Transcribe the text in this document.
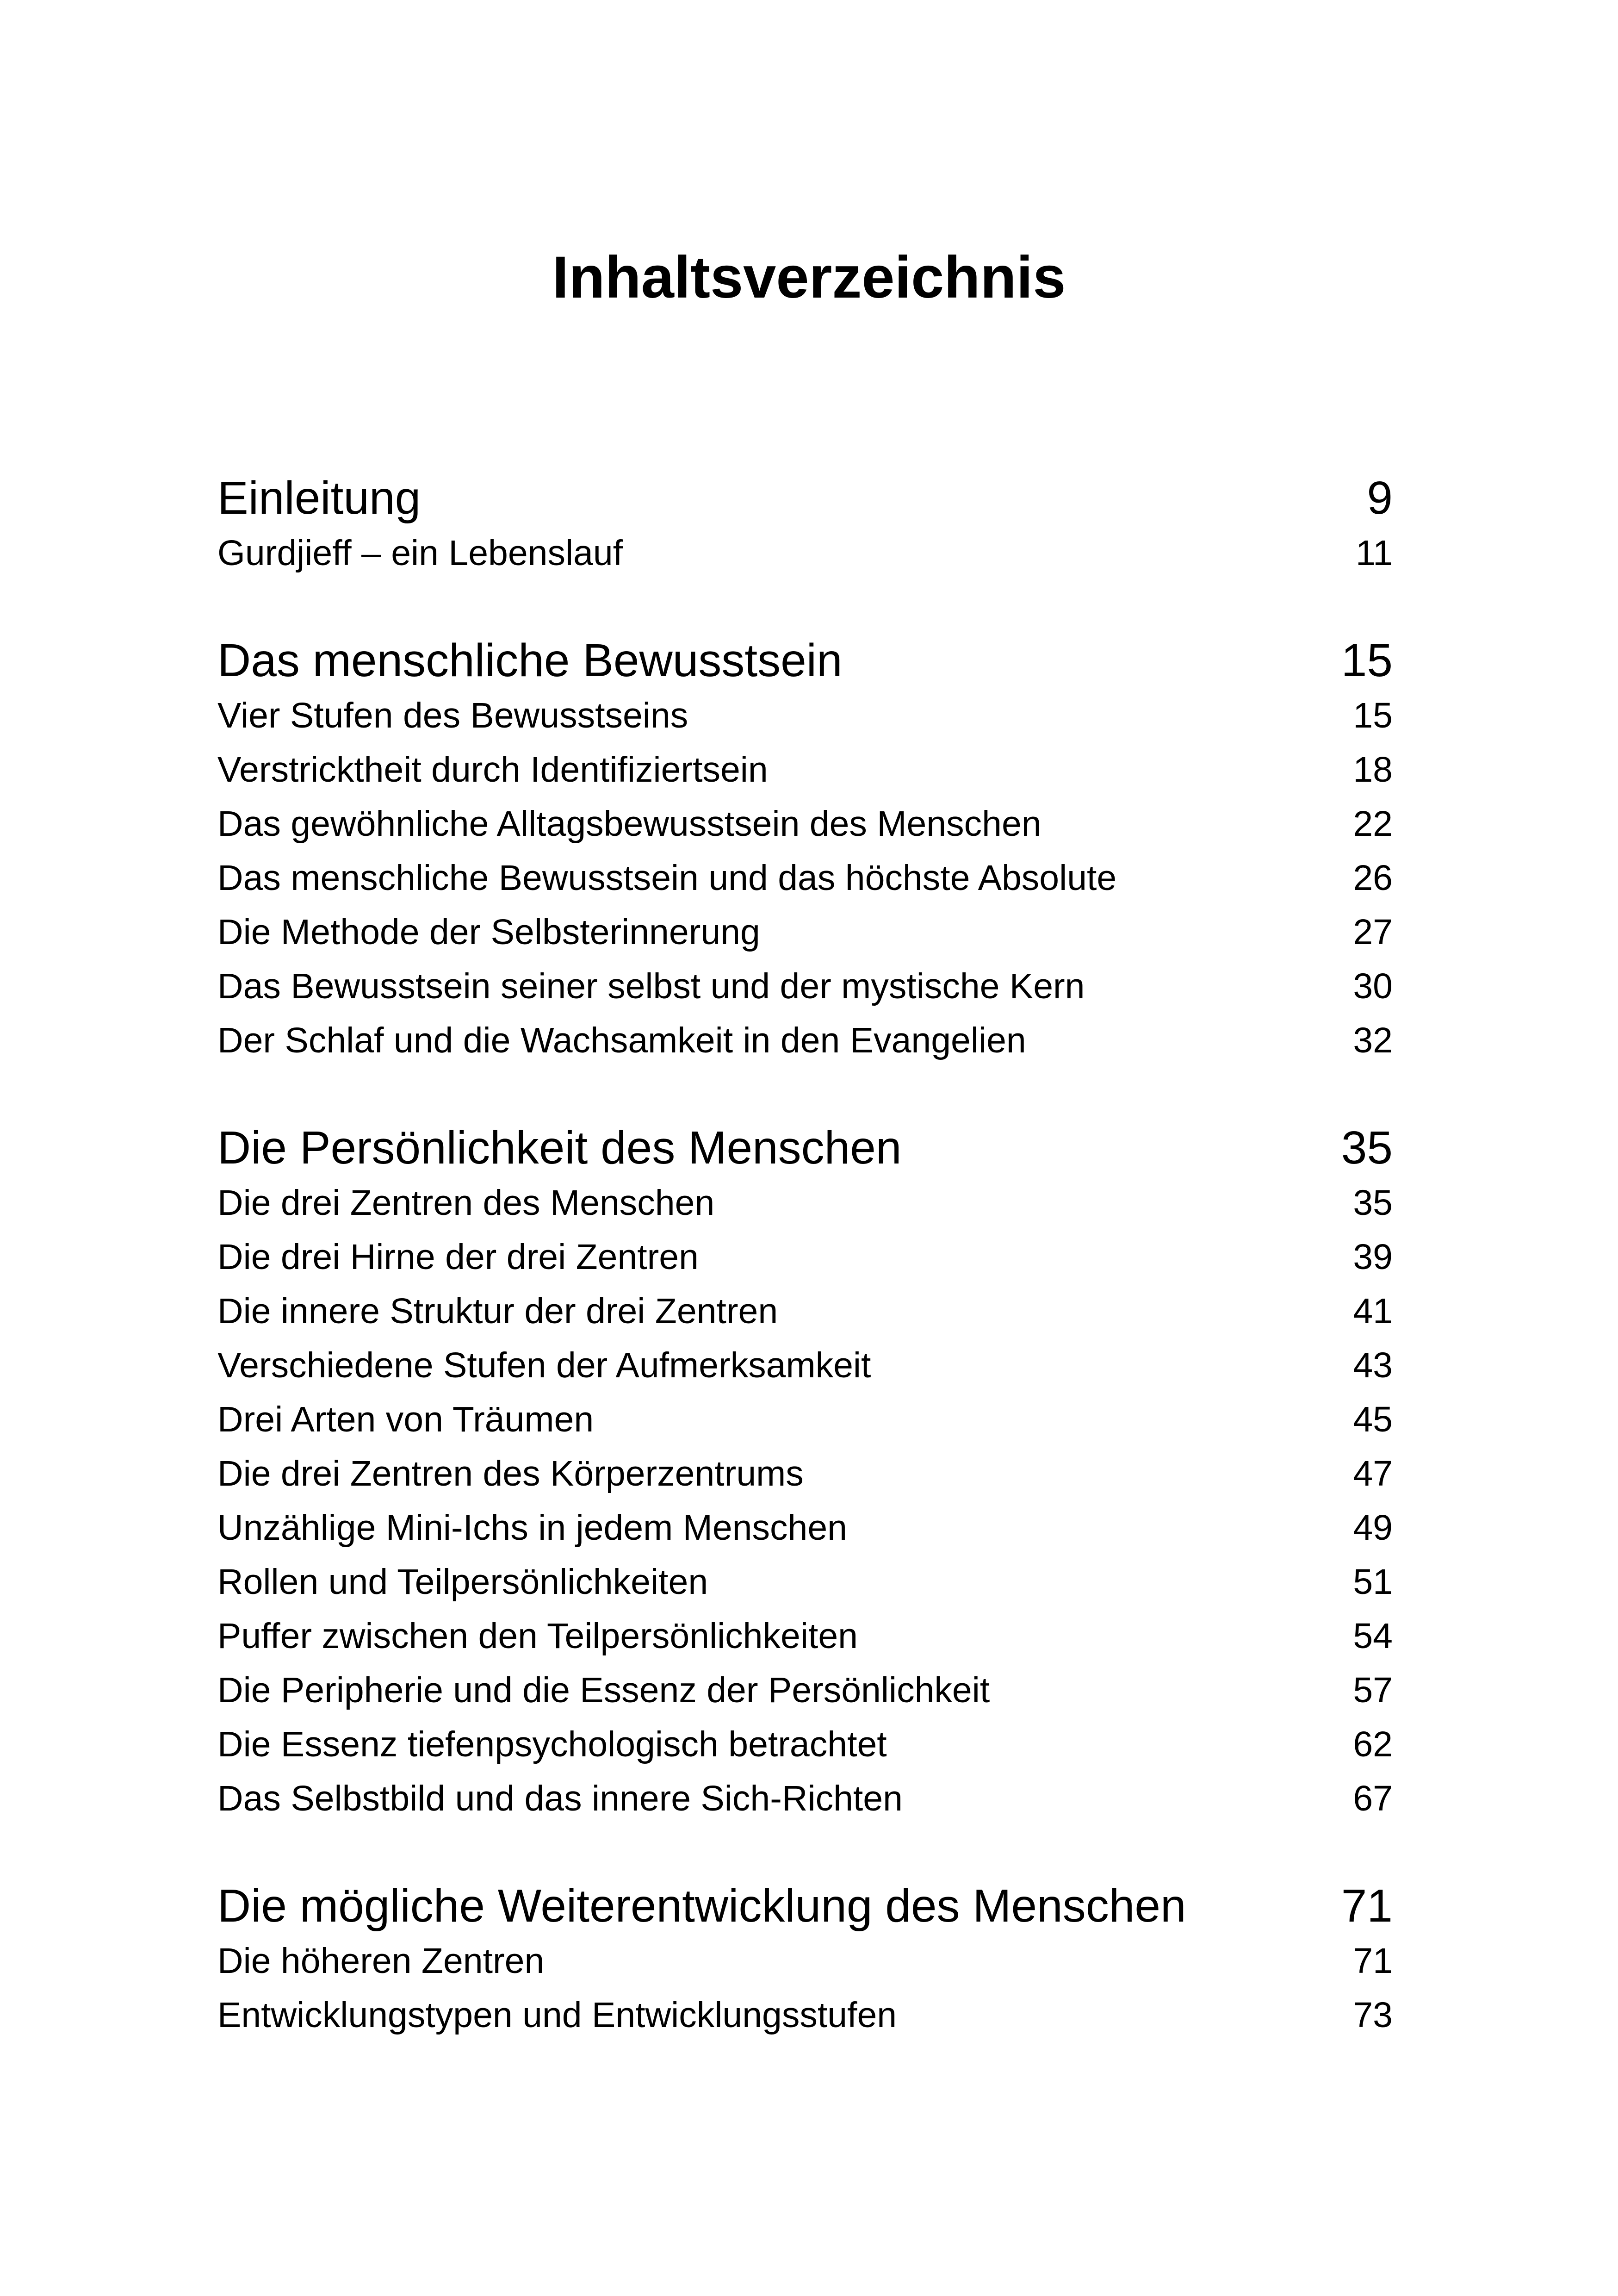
Inhaltsverzeichnis
Einleitung	9
Gurdjieff – ein Lebenslauf	11
Das menschliche Bewusstsein	15
Vier Stufen des Bewusstseins	15
Verstricktheit durch Identifiziertsein	18
Das gewöhnliche Alltagsbewusstsein des Menschen	22
Das menschliche Bewusstsein und das höchste Absolute	26
Die Methode der Selbsterinnerung	27
Das Bewusstsein seiner selbst und der mystische Kern	30
Der Schlaf und die Wachsamkeit in den Evangelien	32
Die Persönlichkeit des Menschen	35
Die drei Zentren des Menschen	35
Die drei Hirne der drei Zentren	39
Die innere Struktur der drei Zentren	41
Verschiedene Stufen der Aufmerksamkeit	43
Drei Arten von Träumen	45
Die drei Zentren des Körperzentrums	47
Unzählige Mini-Ichs in jedem Menschen	49
Rollen und Teilpersönlichkeiten	51
Puffer zwischen den Teilpersönlichkeiten	54
Die Peripherie und die Essenz der Persönlichkeit	57
Die Essenz tiefenpsychologisch betrachtet	62
Das Selbstbild und das innere Sich-Richten	67
Die mögliche Weiterentwicklung des Menschen	71
Die höheren Zentren	71
Entwicklungstypen und Entwicklungsstufen	73
